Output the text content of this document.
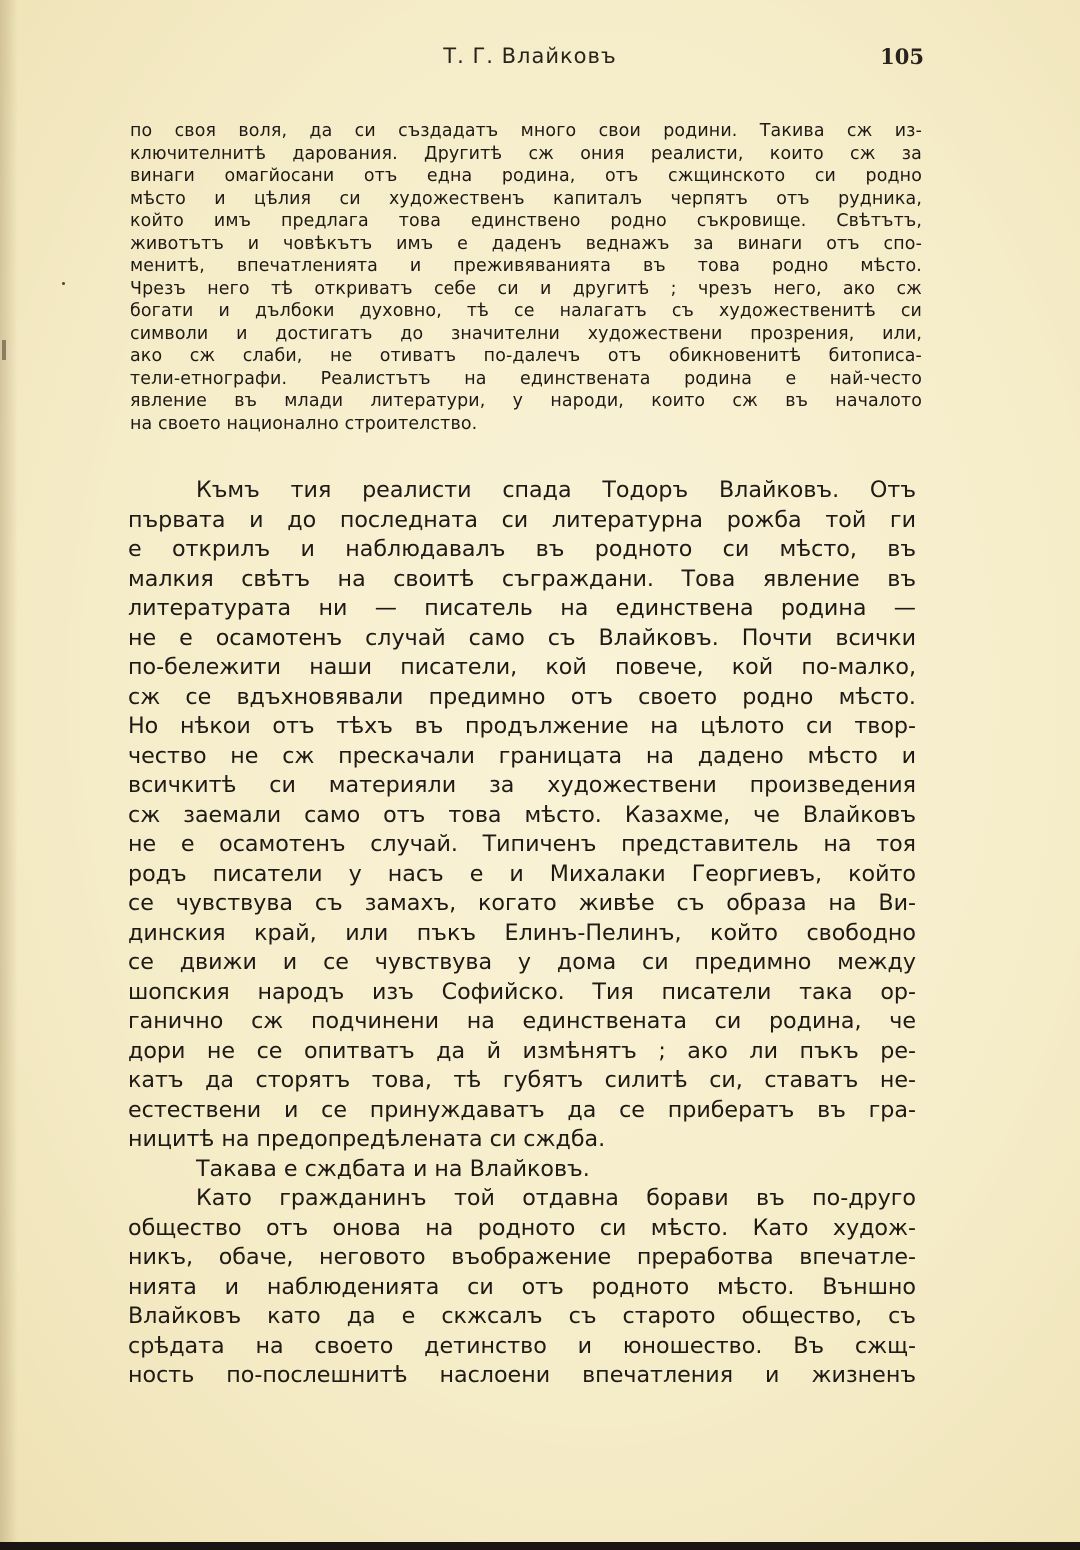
Т. Г. Влайковъ	105
по своя воля, да си създадатъ много свои родини. Такива сж из-
ключителнитѣ дарования. Другитѣ сж ония реалисти, които сж за
винаги омагйосани отъ една родина, отъ сжщинското си родно
мѣсто и цѣлия си художественъ капиталъ черпятъ отъ рудника,
който имъ предлага това единствено родно съкровище. Свѣтътъ,
животътъ и човѣкътъ имъ е даденъ веднажъ за винаги отъ спо-
менитѣ, впечатленията и преживяванията въ това родно мѣсто.
Чрезъ него тѣ откриватъ себе си и другитѣ ; чрезъ него, ако сж
богати и дълбоки духовно, тѣ се налагатъ съ художественитѣ си
символи и достигатъ до значителни художествени прозрения, или,
ако сж слаби, не отиватъ по-далечъ отъ обикновенитѣ битописа-
тели-етнографи. Реалистътъ на единствената родина е най-често
явление въ млади литератури, у народи, които сж въ началото
на своето национално строителство.
Къмъ тия реалисти спада Тодоръ Влайковъ. Отъ
първата и до последната си литературна рожба той ги
е открилъ и наблюдавалъ въ родното си мѣсто, въ
малкия свѣтъ на своитѣ съграждани. Това явление въ
литературата ни — писатель на единствена родина —
не е осамотенъ случай само съ Влайковъ. Почти всички
по-бележити наши писатели, кой повече, кой по-малко,
сж се вдъхновявали предимно отъ своето родно мѣсто.
Но нѣкои отъ тѣхъ въ продължение на цѣлото си твор-
чество не сж прескачали границата на дадено мѣсто и
всичкитѣ си материяли за художествени произведения
сж заемали само отъ това мѣсто. Казахме, че Влайковъ
не е осамотенъ случай. Типиченъ представитель на тоя
родъ писатели у насъ е и Михалаки Георгиевъ, който
се чувствува съ замахъ, когато живѣе съ образа на Ви-
динския край, или пъкъ Елинъ-Пелинъ, който свободно
се движи и се чувствува у дома си предимно между
шопския народъ изъ Софийско. Тия писатели така ор-
ганично сж подчинени на единствената си родина, че
дори не се опитватъ да й измѣнятъ ; ако ли пъкъ ре-
катъ да сторятъ това, тѣ губятъ силитѣ си, ставатъ не-
естествени и се принуждаватъ да се прибератъ въ гра-
ницитѣ на предопредѣлената си сждба.
Такава е сждбата и на Влайковъ.
Като гражданинъ той отдавна борави въ по-друго
общество отъ онова на родното си мѣсто. Като худож-
никъ, обаче, неговото въображение преработва впечатле-
нията и наблюденията си отъ родното мѣсто. Външно
Влайковъ като да е скжсалъ съ старото общество, съ
срѣдата на своето детинство и юношество. Въ сжщ-
ность по-послешнитѣ наслоени впечатления и жизненъ
